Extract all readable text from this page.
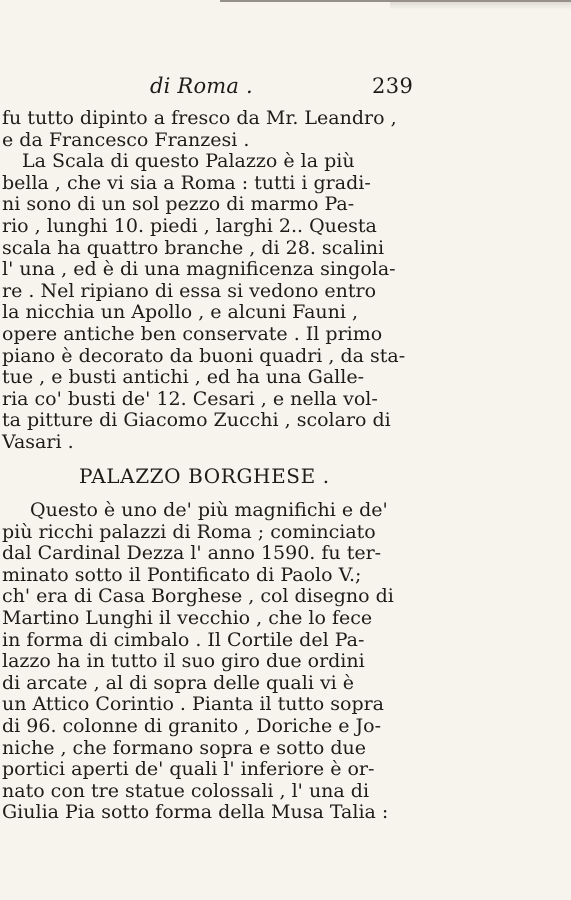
di Roma .	239
fu tutto dipinto a fresco da Mr. Leandro ,
e da Francesco Franzesi .
La Scala di questo Palazzo è la più
bella , che vi sia a Roma : tutti i gradi-
ni sono di un sol pezzo di marmo Pa-
rio , lunghi 10. piedi , larghi 2.. Questa
scala ha quattro branche , di 28. scalini
l' una , ed è di una magnificenza singola-
re . Nel ripiano di essa si vedono entro
la nicchia un Apollo , e alcuni Fauni ,
opere antiche ben conservate . Il primo
piano è decorato da buoni quadri , da sta-
tue , e busti antichi , ed ha una Galle-
ria co' busti de' 12. Cesari , e nella vol-
ta pitture di Giacomo Zucchi , scolaro di
Vasari .
PALAZZO BORGHESE .
Questo è uno de' più magnifichi e de'
più ricchi palazzi di Roma ; cominciato
dal Cardinal Dezza l' anno 1590. fu ter-
minato sotto il Pontificato di Paolo V.;
ch' era di Casa Borghese , col disegno di
Martino Lunghi il vecchio , che lo fece
in forma di cimbalo . Il Cortile del Pa-
lazzo ha in tutto il suo giro due ordini
di arcate , al di sopra delle quali vi è
un Attico Corintio . Pianta il tutto sopra
di 96. colonne di granito , Doriche e Jo-
niche , che formano sopra e sotto due
portici aperti de' quali l' inferiore è or-
nato con tre statue colossali , l' una di
Giulia Pia sotto forma della Musa Talia :
